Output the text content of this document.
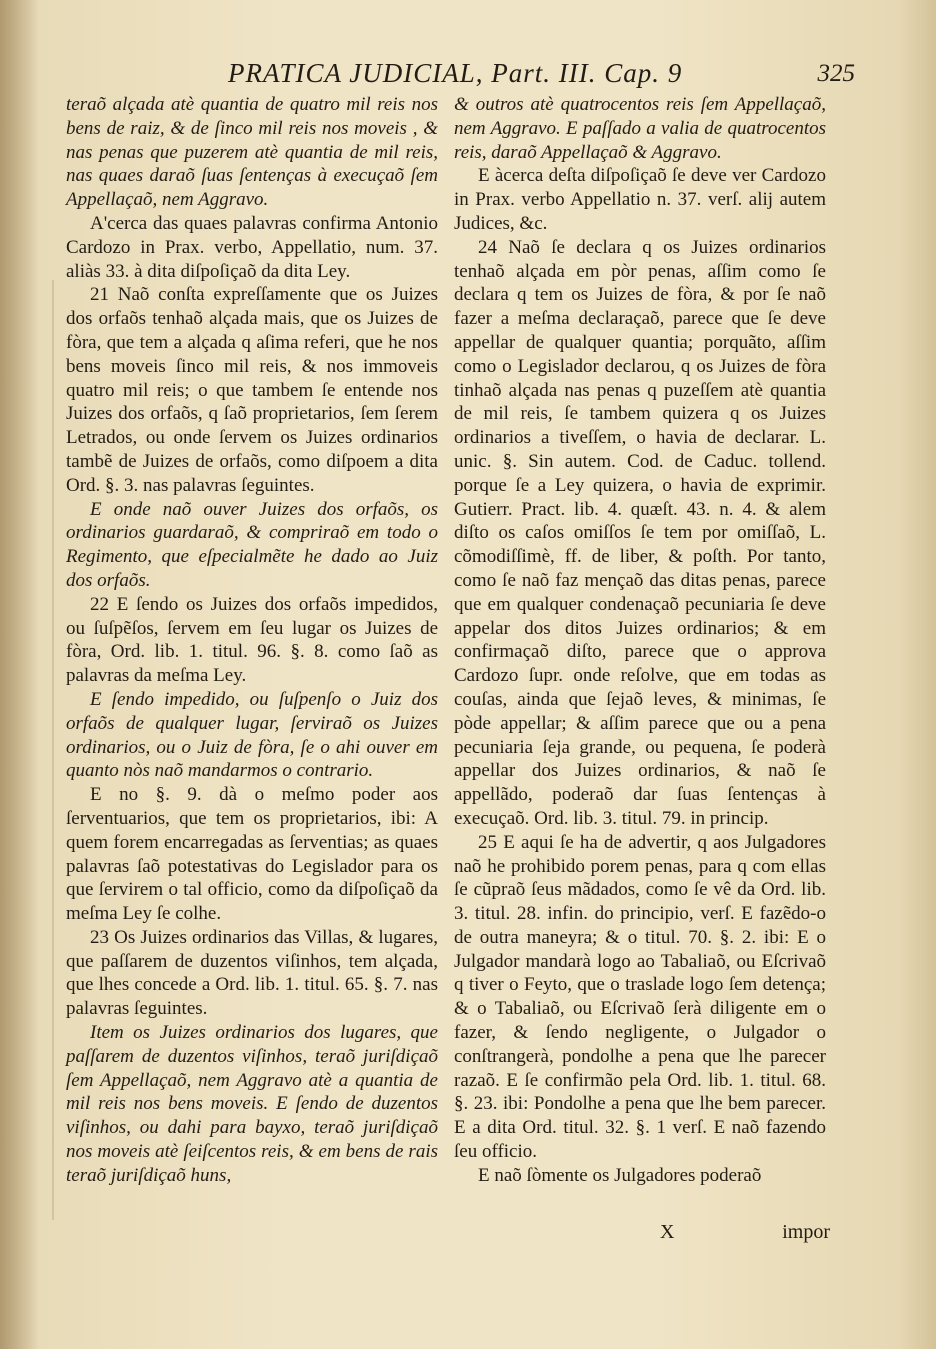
PRATICA JUDICIAL, Part. III. Cap. 9	325

teraõ alçada atè quantia de quatro mil reis nos bens de raiz, & de ſinco mil reis nos moveis , & nas penas que puzerem atè quantia de mil reis, nas quaes daraõ ſuas ſentenças à execuçaõ ſem Appellaçaõ, nem Aggravo.

A'cerca das quaes palavras confirma Antonio Cardozo in Prax. verbo, Appellatio, num. 37. aliàs 33. à dita diſpoſiçaõ da dita Ley.

21 Naõ conſta expreſſamente que os Juizes dos orfaõs tenhaõ alçada mais, que os Juizes de fòra, que tem a alçada q aſima referi, que he nos bens moveis ſinco mil reis, & nos immoveis quatro mil reis; o que tambem ſe entende nos Juizes dos orfaõs, q ſaõ proprietarios, ſem ſerem Letrados, ou onde ſervem os Juizes ordinarios tambẽ de Juizes de orfaõs, como diſpoem a dita Ord. §. 3. nas palavras ſeguintes.

E onde naõ ouver Juizes dos orfaõs, os ordinarios guardaraõ, & compriraõ em todo o Regimento, que eſpecialmẽte he dado ao Juiz dos orfaõs.

22 E ſendo os Juizes dos orfaõs impedidos, ou ſuſpẽſos, ſervem em ſeu lugar os Juizes de fòra, Ord. lib. 1. titul. 96. §. 8. como ſaõ as palavras da meſma Ley.

E ſendo impedido, ou ſuſpenſo o Juiz dos orfaõs de qualquer lugar, ſerviraõ os Juizes ordinarios, ou o Juiz de fòra, ſe o ahi ouver em quanto nòs naõ mandarmos o contrario.

E no §. 9. dà o meſmo poder aos ſerventuarios, que tem os proprietarios, ibi: A quem forem encarregadas as ſerventias; as quaes palavras ſaõ potestativas do Legislador para os que ſervirem o tal officio, como da diſpoſiçaõ da meſma Ley ſe colhe.

23 Os Juizes ordinarios das Villas, & lugares, que paſſarem de duzentos viſinhos, tem alçada, que lhes concede a Ord. lib. 1. titul. 65. §. 7. nas palavras ſeguintes.

Item os Juizes ordinarios dos lugares, que paſſarem de duzentos viſinhos, teraõ juriſdiçaõ ſem Appellaçaõ, nem Aggravo atè a quantia de mil reis nos bens moveis. E ſendo de duzentos viſinhos, ou dahi para bayxo, teraõ juriſdiçaõ nos moveis atè ſeiſcentos reis, & em bens de rais teraõ juriſdiçaõ huns,

& outros atè quatrocentos reis ſem Appellaçaõ, nem Aggravo. E paſſado a valia de quatrocentos reis, daraõ Appellaçaõ & Aggravo.

E àcerca deſta diſpoſiçaõ ſe deve ver Cardozo in Prax. verbo Appellatio n. 37. verſ. alij autem Judices, &c.

24 Naõ ſe declara q os Juizes ordinarios tenhaõ alçada em pòr penas, aſſim como ſe declara q tem os Juizes de fòra, & por ſe naõ fazer a meſma declaraçaõ, parece que ſe deve appellar de qualquer quantia; porquãto, aſſim como o Legislador declarou, q os Juizes de fòra tinhaõ alçada nas penas q puzeſſem atè quantia de mil reis, ſe tambem quizera q os Juizes ordinarios a tiveſſem, o havia de declarar. L. unic. §. Sin autem. Cod. de Caduc. tollend. porque ſe a Ley quizera, o havia de exprimir. Gutierr. Pract. lib. 4. quæſt. 43. n. 4. & alem diſto os caſos omiſſos ſe tem por omiſſaõ, L. cõmodiſſimè, ff. de liber, & poſth. Por tanto, como ſe naõ faz mençaõ das ditas penas, parece que em qualquer condenaçaõ pecuniaria ſe deve appelar dos ditos Juizes ordinarios; & em confirmaçaõ diſto, parece que o approva Cardozo ſupr. onde reſolve, que em todas as couſas, ainda que ſejaõ leves, & minimas, ſe pòde appellar; & aſſim parece que ou a pena pecuniaria ſeja grande, ou pequena, ſe poderà appellar dos Juizes ordinarios, & naõ ſe appellãdo, poderaõ dar ſuas ſentenças à execuçaõ. Ord. lib. 3. titul. 79. in princip.

25 E aqui ſe ha de advertir, q aos Julgadores naõ he prohibido porem penas, para q com ellas ſe cũpraõ ſeus mãdados, como ſe vê da Ord. lib. 3. titul. 28. infin. do principio, verſ. E fazẽdo-o de outra maneyra; & o titul. 70. §. 2. ibi: E o Julgador mandarà logo ao Tabaliaõ, ou Eſcrivaõ q tiver o Feyto, que o traslade logo ſem detença; & o Tabaliaõ, ou Eſcrivaõ ſerà diligente em o fazer, & ſendo negligente, o Julgador o conſtrangerà, pondolhe a pena que lhe parecer razaõ. E ſe confirmão pela Ord. lib. 1. titul. 68. §. 23. ibi: Pondolhe a pena que lhe bem parecer. E a dita Ord. titul. 32. §. 1 verſ. E naõ fazendo ſeu officio.

E naõ ſòmente os Julgadores poderaõ

X	impor
